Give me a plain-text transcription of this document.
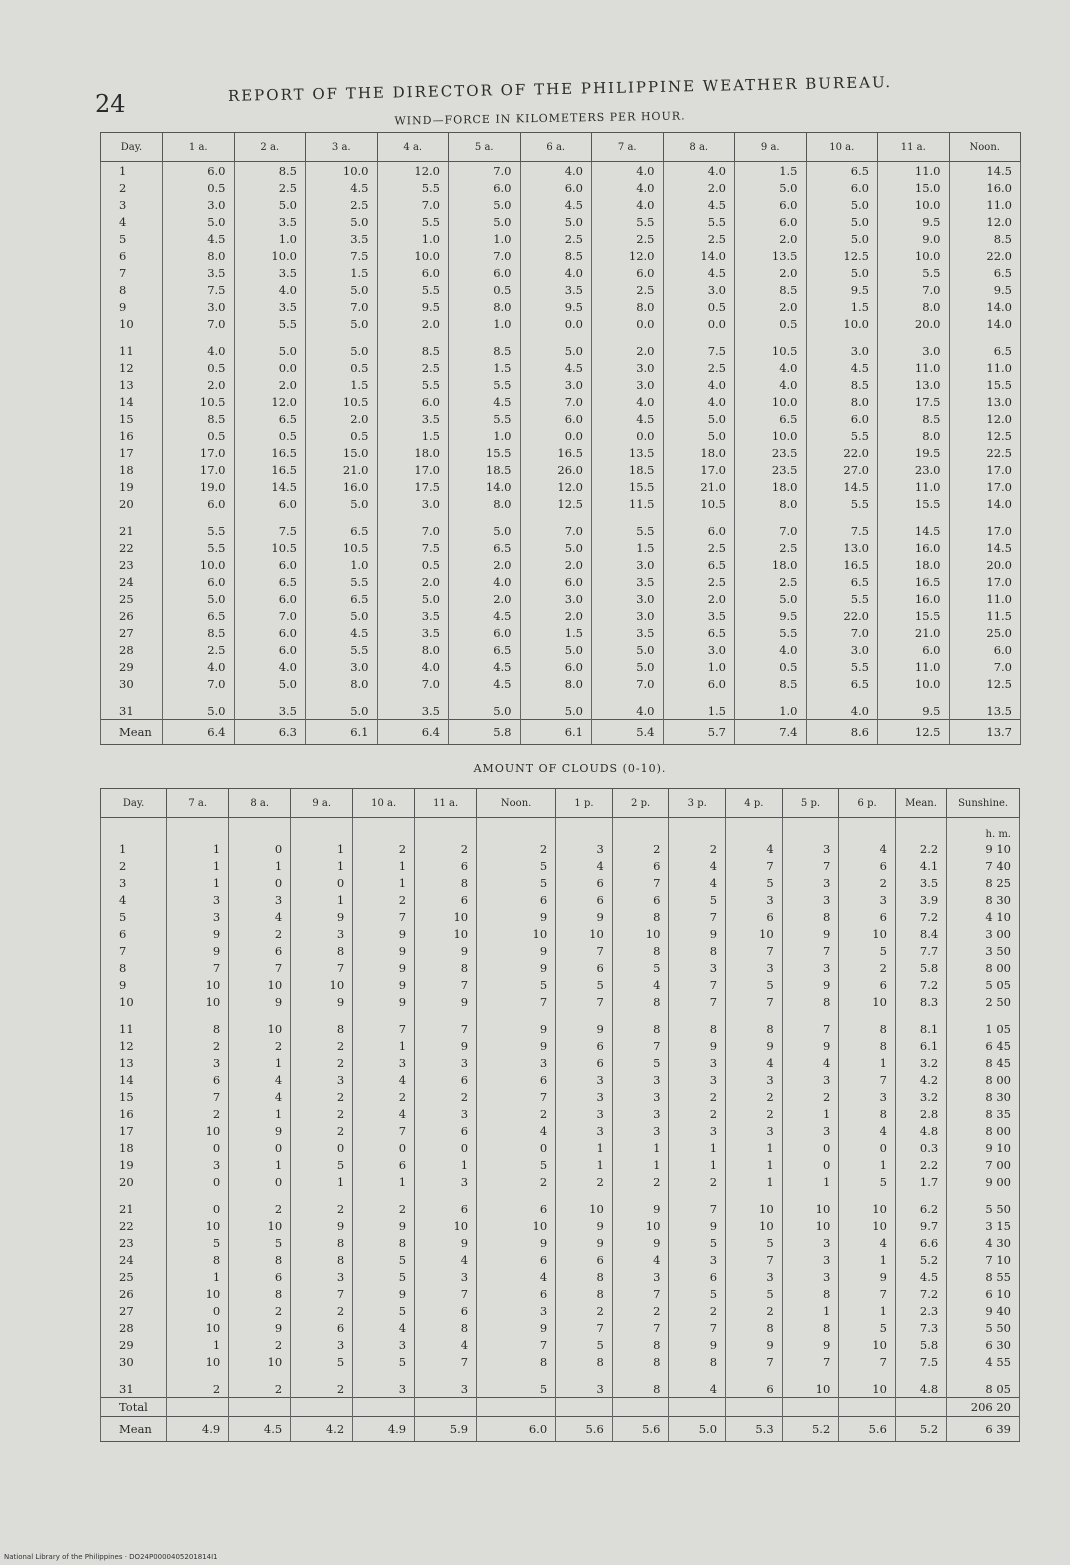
24	REPORT OF THE DIRECTOR OF THE PHILIPPINE WEATHER BUREAU.
WIND—FORCE IN KILOMETERS PER HOUR.
Day.	1 a.	2 a.	3 a.	4 a.	5 a.	6 a.	7 a.	8 a.	9 a.	10 a.	11 a.	Noon.
1	6.0	8.5	10.0	12.0	7.0	4.0	4.0	4.0	1.5	6.5	11.0	14.5
2	0.5	2.5	4.5	5.5	6.0	6.0	4.0	2.0	5.0	6.0	15.0	16.0
3	3.0	5.0	2.5	7.0	5.0	4.5	4.0	4.5	6.0	5.0	10.0	11.0
4	5.0	3.5	5.0	5.5	5.0	5.0	5.5	5.5	6.0	5.0	9.5	12.0
5	4.5	1.0	3.5	1.0	1.0	2.5	2.5	2.5	2.0	5.0	9.0	8.5
6	8.0	10.0	7.5	10.0	7.0	8.5	12.0	14.0	13.5	12.5	10.0	22.0
7	3.5	3.5	1.5	6.0	6.0	4.0	6.0	4.5	2.0	5.0	5.5	6.5
8	7.5	4.0	5.0	5.5	0.5	3.5	2.5	3.0	8.5	9.5	7.0	9.5
9	3.0	3.5	7.0	9.5	8.0	9.5	8.0	0.5	2.0	1.5	8.0	14.0
10	7.0	5.5	5.0	2.0	1.0	0.0	0.0	0.0	0.5	10.0	20.0	14.0

11	4.0	5.0	5.0	8.5	8.5	5.0	2.0	7.5	10.5	3.0	3.0	6.5
12	0.5	0.0	0.5	2.5	1.5	4.5	3.0	2.5	4.0	4.5	11.0	11.0
13	2.0	2.0	1.5	5.5	5.5	3.0	3.0	4.0	4.0	8.5	13.0	15.5
14	10.5	12.0	10.5	6.0	4.5	7.0	4.0	4.0	10.0	8.0	17.5	13.0
15	8.5	6.5	2.0	3.5	5.5	6.0	4.5	5.0	6.5	6.0	8.5	12.0
16	0.5	0.5	0.5	1.5	1.0	0.0	0.0	5.0	10.0	5.5	8.0	12.5
17	17.0	16.5	15.0	18.0	15.5	16.5	13.5	18.0	23.5	22.0	19.5	22.5
18	17.0	16.5	21.0	17.0	18.5	26.0	18.5	17.0	23.5	27.0	23.0	17.0
19	19.0	14.5	16.0	17.5	14.0	12.0	15.5	21.0	18.0	14.5	11.0	17.0
20	6.0	6.0	5.0	3.0	8.0	12.5	11.5	10.5	8.0	5.5	15.5	14.0

21	5.5	7.5	6.5	7.0	5.0	7.0	5.5	6.0	7.0	7.5	14.5	17.0
22	5.5	10.5	10.5	7.5	6.5	5.0	1.5	2.5	2.5	13.0	16.0	14.5
23	10.0	6.0	1.0	0.5	2.0	2.0	3.0	6.5	18.0	16.5	18.0	20.0
24	6.0	6.5	5.5	2.0	4.0	6.0	3.5	2.5	2.5	6.5	16.5	17.0
25	5.0	6.0	6.5	5.0	2.0	3.0	3.0	2.0	5.0	5.5	16.0	11.0
26	6.5	7.0	5.0	3.5	4.5	2.0	3.0	3.5	9.5	22.0	15.5	11.5
27	8.5	6.0	4.5	3.5	6.0	1.5	3.5	6.5	5.5	7.0	21.0	25.0
28	2.5	6.0	5.5	8.0	6.5	5.0	5.0	3.0	4.0	3.0	6.0	6.0
29	4.0	4.0	3.0	4.0	4.5	6.0	5.0	1.0	0.5	5.5	11.0	7.0
30	7.0	5.0	8.0	7.0	4.5	8.0	7.0	6.0	8.5	6.5	10.0	12.5

31	5.0	3.5	5.0	3.5	5.0	5.0	4.0	1.5	1.0	4.0	9.5	13.5
Mean	6.4	6.3	6.1	6.4	5.8	6.1	5.4	5.7	7.4	8.6	12.5	13.7
AMOUNT OF CLOUDS (0-10).
Day.	7 a.	8 a.	9 a.	10 a.	11 a.	Noon.	1 p.	2 p.	3 p.	4 p.	5 p.	6 p.	Mean.	Sunshine.
														h. m.
1	1	0	1	2	2	2	3	2	2	4	3	4	2.2	9 10
2	1	1	1	1	6	5	4	6	4	7	7	6	4.1	7 40
3	1	0	0	1	8	5	6	7	4	5	3	2	3.5	8 25
4	3	3	1	2	6	6	6	6	5	3	3	3	3.9	8 30
5	3	4	9	7	10	9	9	8	7	6	8	6	7.2	4 10
6	9	2	3	9	10	10	10	10	9	10	9	10	8.4	3 00
7	9	6	8	9	9	9	7	8	8	7	7	5	7.7	3 50
8	7	7	7	9	8	9	6	5	3	3	3	2	5.8	8 00
9	10	10	10	9	7	5	5	4	7	5	9	6	7.2	5 05
10	10	9	9	9	9	7	7	8	7	7	8	10	8.3	2 50

11	8	10	8	7	7	9	9	8	8	8	7	8	8.1	1 05
12	2	2	2	1	9	9	6	7	9	9	9	8	6.1	6 45
13	3	1	2	3	3	3	6	5	3	4	4	1	3.2	8 45
14	6	4	3	4	6	6	3	3	3	3	3	7	4.2	8 00
15	7	4	2	2	2	7	3	3	2	2	2	3	3.2	8 30
16	2	1	2	4	3	2	3	3	2	2	1	8	2.8	8 35
17	10	9	2	7	6	4	3	3	3	3	3	4	4.8	8 00
18	0	0	0	0	0	0	1	1	1	1	0	0	0.3	9 10
19	3	1	5	6	1	5	1	1	1	1	0	1	2.2	7 00
20	0	0	1	1	3	2	2	2	2	1	1	5	1.7	9 00

21	0	2	2	2	6	6	10	9	7	10	10	10	6.2	5 50
22	10	10	9	9	10	10	9	10	9	10	10	10	9.7	3 15
23	5	5	8	8	9	9	9	9	5	5	3	4	6.6	4 30
24	8	8	8	5	4	6	6	4	3	7	3	1	5.2	7 10
25	1	6	3	5	3	4	8	3	6	3	3	9	4.5	8 55
26	10	8	7	9	7	6	8	7	5	5	8	7	7.2	6 10
27	0	2	2	5	6	3	2	2	2	2	1	1	2.3	9 40
28	10	9	6	4	8	9	7	7	7	8	8	5	7.3	5 50
29	1	2	3	3	4	7	5	8	9	9	9	10	5.8	6 30
30	10	10	5	5	7	8	8	8	8	7	7	7	7.5	4 55

31	2	2	2	3	3	5	3	8	4	6	10	10	4.8	8 05
Total														206 20
Mean	4.9	4.5	4.2	4.9	5.9	6.0	5.6	5.6	5.0	5.3	5.2	5.6	5.2	6 39
National Library of the Philippines · DO24P0000405201814I1
